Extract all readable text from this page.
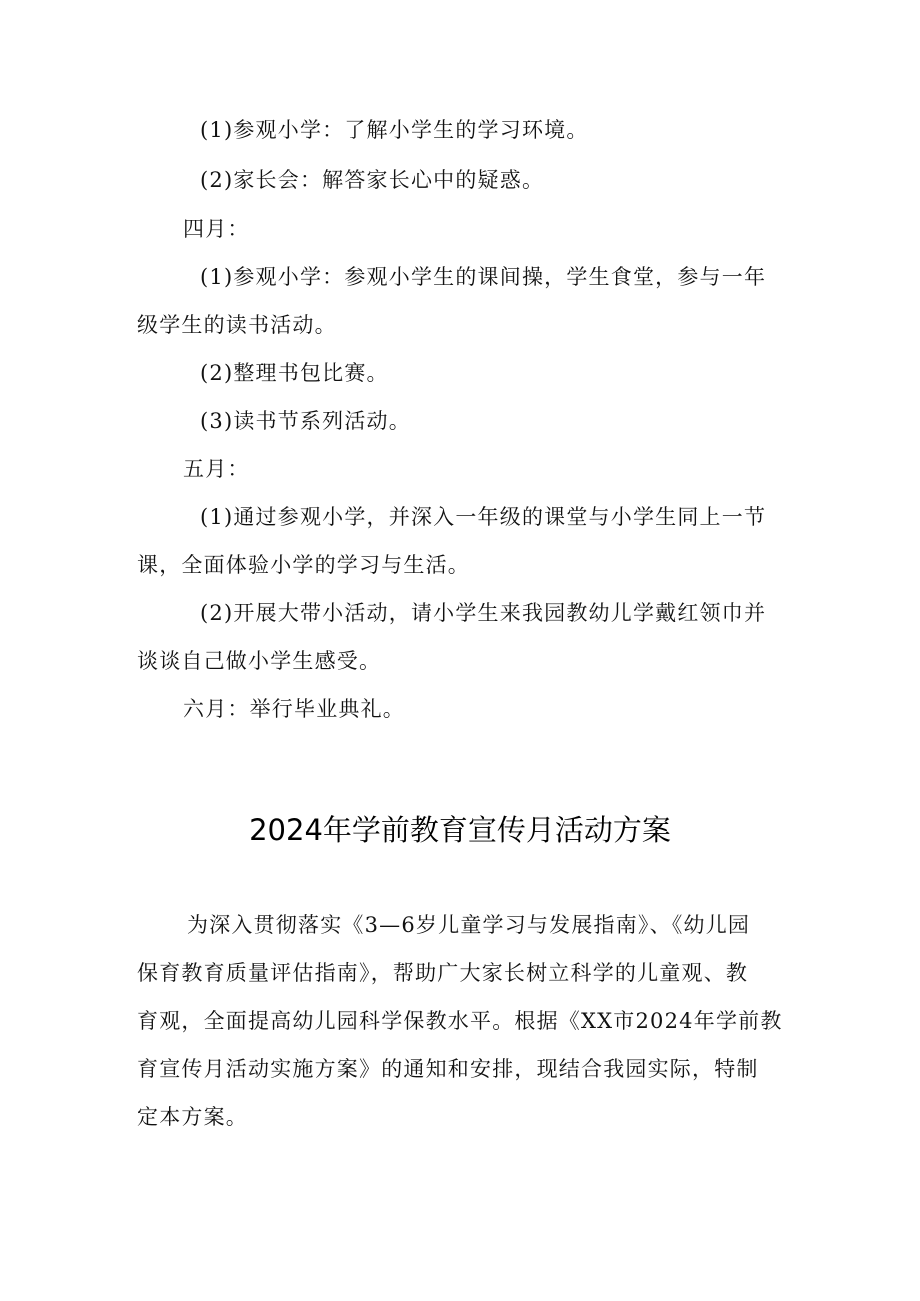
(1)参观小学：了解小学生的学习环境。
(2)家长会：解答家长心中的疑惑。
四月：
(1)参观小学：参观小学生的课间操，学生食堂，参与一年
级学生的读书活动。
(2)整理书包比赛。
(3)读书节系列活动。
五月：
(1)通过参观小学，并深入一年级的课堂与小学生同上一节
课，全面体验小学的学习与生活。
(2)开展大带小活动，请小学生来我园教幼儿学戴红领巾并
谈谈自己做小学生感受。
六月：举行毕业典礼。
2024年学前教育宣传月活动方案
为深入贯彻落实《3—6岁儿童学习与发展指南》、《幼儿园
保育教育质量评估指南》，帮助广大家长树立科学的儿童观、教
育观，全面提高幼儿园科学保教水平。根据《XX市2024年学前教
育宣传月活动实施方案》的通知和安排，现结合我园实际，特制
定本方案。
